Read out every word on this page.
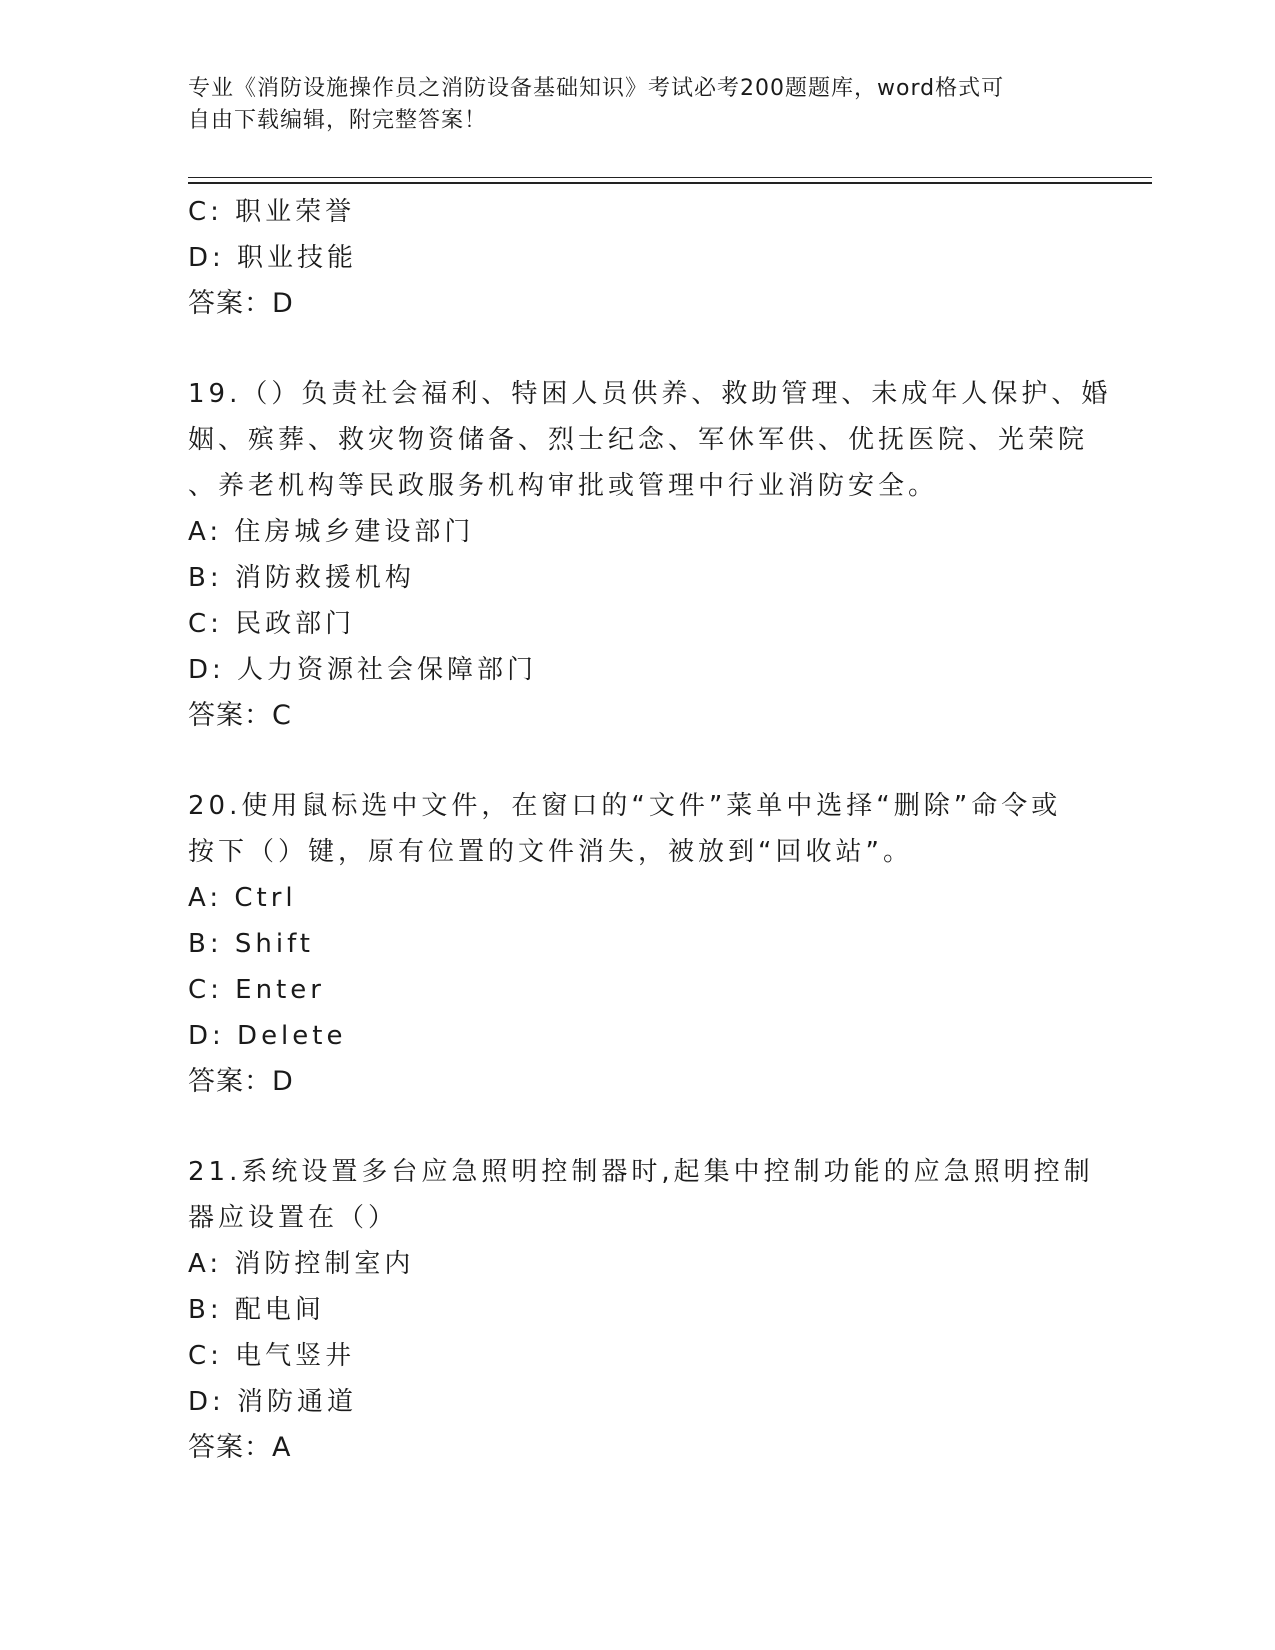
专业《消防设施操作员之消防设备基础知识》考试必考200题题库，word格式可
自由下载编辑，附完整答案！
C: 职业荣誉
D: 职业技能
答案：D
19.（）负责社会福利、特困人员供养、救助管理、未成年人保护、婚
姻、殡葬、救灾物资储备、烈士纪念、军休军供、优抚医院、光荣院
、养老机构等民政服务机构审批或管理中行业消防安全。
A: 住房城乡建设部门
B: 消防救援机构
C: 民政部门
D: 人力资源社会保障部门
答案：C
20.使用鼠标选中文件，在窗口的“文件”菜单中选择“删除”命令或
按下（）键，原有位置的文件消失，被放到“回收站”。
A: Ctrl
B: Shift
C: Enter
D: Delete
答案：D
21.系统设置多台应急照明控制器时,起集中控制功能的应急照明控制
器应设置在（）
A: 消防控制室内
B: 配电间
C: 电气竖井
D: 消防通道
答案：A
